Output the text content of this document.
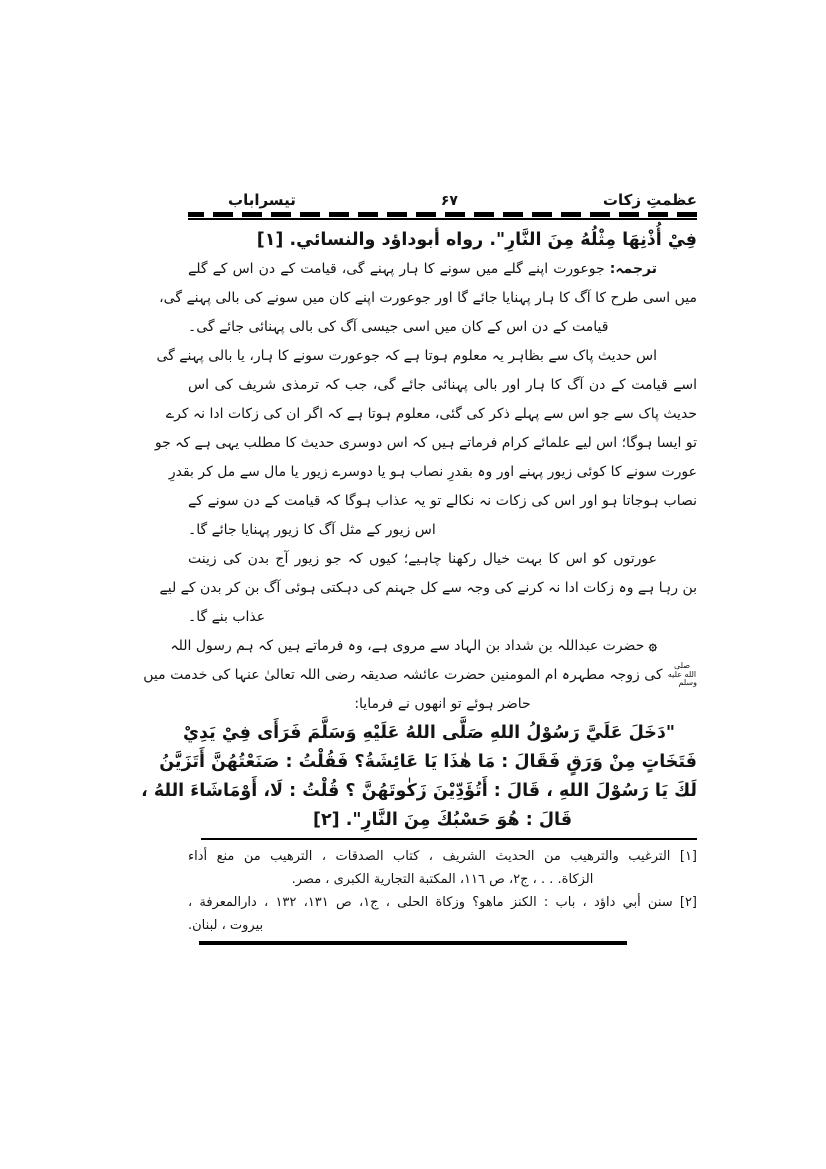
عظمتِ زکات
۶۷
تیسراباب
فِيْ أُذْنِهَا مِثْلُهُ مِنَ النَّارِ". رواه أبوداؤد والنسائي. [١]
ترجمہ: جوعورت اپنے گلے میں سونے کا ہار پہنے گی، قیامت کے دن اس کے گلے
میں اسی طرح کا آگ کا ہار پہنایا جائے گا اور جوعورت اپنے کان میں سونے کی بالی پہنے گی،
قیامت کے دن اس کے کان میں اسی جیسی آگ کی بالی پہنائی جائے گی۔
اس حدیث پاک سے بظاہر یہ معلوم ہوتا ہے کہ جوعورت سونے کا ہار، یا بالی پہنے گی
اسے قیامت کے دن آگ کا ہار اور بالی پہنائی جائے گی، جب کہ ترمذی شریف کی اس
حدیث پاک سے جو اس سے پہلے ذکر کی گئی، معلوم ہوتا ہے کہ اگر ان کی زکات ادا نہ کرے
تو ایسا ہوگا؛ اس لیے علمائے کرام فرماتے ہیں کہ اس دوسری حدیث کا مطلب یہی ہے کہ جو
عورت سونے کا کوئی زیور پہنے اور وہ بقدرِ نصاب ہو یا دوسرے زیور یا مال سے مل کر بقدرِ
نصاب ہوجاتا ہو اور اس کی زکات نہ نکالے تو یہ عذاب ہوگا کہ قیامت کے دن سونے کے
اس زیور کے مثل آگ کا زیور پہنایا جائے گا۔
عورتوں کو اس کا بہت خیال رکھنا چاہیے؛ کیوں کہ جو زیور آج بدن کی زینت
بن رہا ہے وہ زکات ادا نہ کرنے کی وجہ سے کل جہنم کی دہکتی ہوئی آگ بن کر بدن کے لیے
عذاب بنے گا۔
۞ حضرت عبداللہ بن شداد بن الہاد سے مروی ہے، وہ فرماتے ہیں کہ ہم رسول اللہ
صلى الله عليه وسلم کی زوجہ مطہرہ ام المومنین حضرت عائشہ صدیقہ رضی اللہ تعالیٰ عنہا کی خدمت میں
حاضر ہوئے تو انھوں نے فرمایا:
"دَخَلَ عَلَيَّ رَسُوْلُ اللهِ صَلَّى اللهُ عَلَيْهِ وَسَلَّمَ فَرَأَى فِيْ يَدِيْ
فَتَخَاتٍ مِنْ وَرَقٍ فَقَالَ : مَا هٰذَا يَا عَائِشَةُ؟ فَقُلْتُ : صَنَعْتُهُنَّ أَتَزَيَّنُ
لَكَ يَا رَسُوْلَ اللهِ ، قَالَ : أَتُؤَدِّيْنَ زَكٰوتَهُنَّ ؟ قُلْتُ : لَا، أَوْمَاشَاءَ اللهُ ،
قَالَ : هُوَ حَسْبُكَ مِنَ النَّارِ". [٢]
[١] الترغيب والترهيب من الحديث الشريف ، كتاب الصدقات ، الترهيب من منع أداء
الزكاة. . . ، ج٢، ص ١١٦، المكتبة التجارية الكبرى ، مصر.
[٢] سنن أبي داؤد ، باب : الكنز ماهو؟ وزكاة الحلى ، ج١، ص ١٣١، ١٣٢ ، دارالمعرفة ،
بيروت ، لبنان.
